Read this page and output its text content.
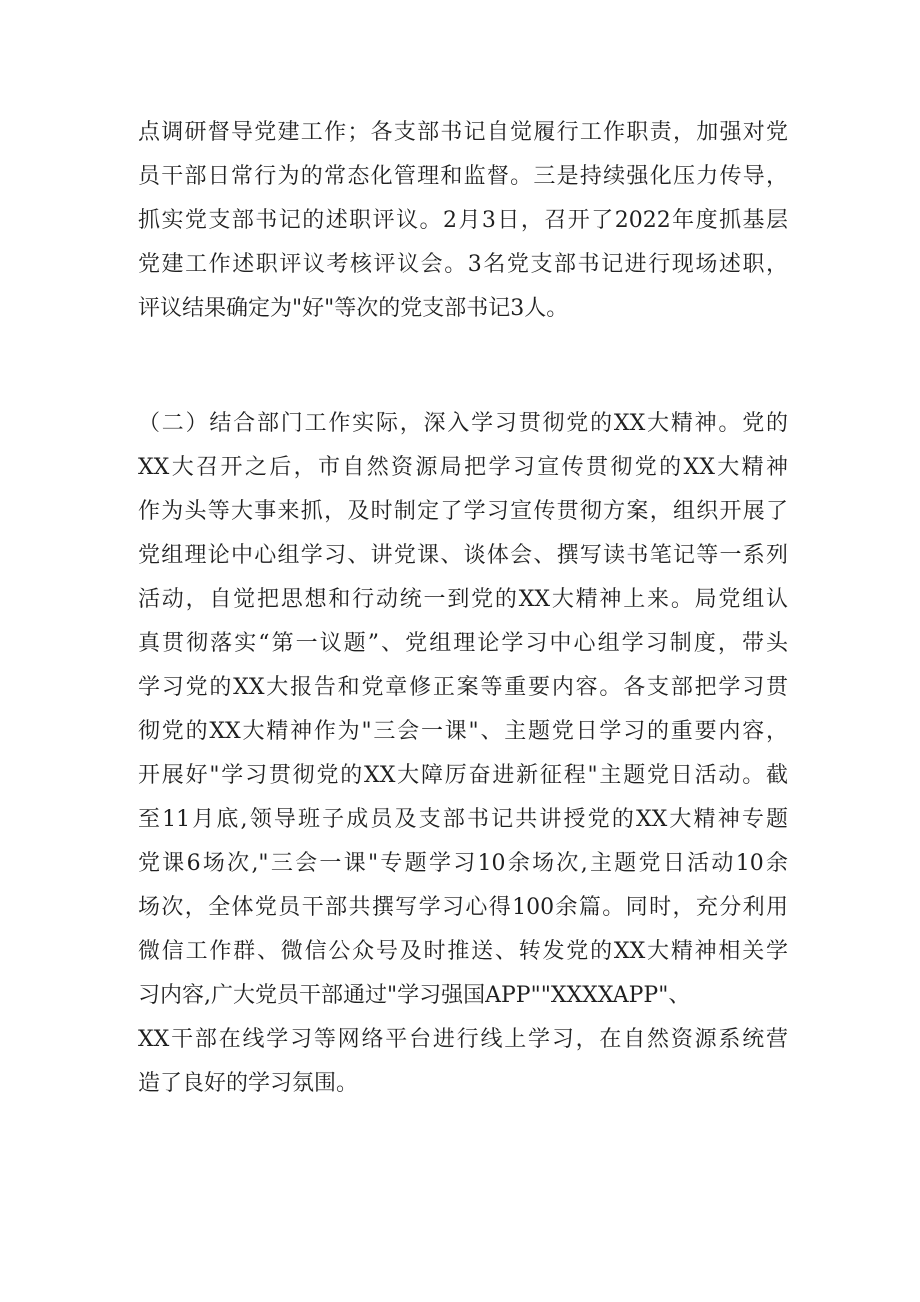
点调研督导党建工作；各支部书记自觉履行工作职责，加强对党
员干部日常行为的常态化管理和监督。三是持续强化压力传导，
抓实党支部书记的述职评议。2月3日，召开了2022年度抓基层
党建工作述职评议考核评议会。3名党支部书记进行现场述职，
评议结果确定为"好"等次的党支部书记3人。
（二）结合部门工作实际，深入学习贯彻党的XX大精神。党的
XX大召开之后，市自然资源局把学习宣传贯彻党的XX大精神
作为头等大事来抓，及时制定了学习宣传贯彻方案，组织开展了
党组理论中心组学习、讲党课、谈体会、撰写读书笔记等一系列
活动，自觉把思想和行动统一到党的XX大精神上来。局党组认
真贯彻落实“第一议题”、党组理论学习中心组学习制度，带头
学习党的XX大报告和党章修正案等重要内容。各支部把学习贯
彻党的XX大精神作为"三会一课"、主题党日学习的重要内容，
开展好"学习贯彻党的XX大障厉奋进新征程"主题党日活动。截
至11月底,领导班子成员及支部书记共讲授党的XX大精神专题
党课6场次,"三会一课"专题学习10余场次,主题党日活动10余
场次，全体党员干部共撰写学习心得100余篇。同时，充分利用
微信工作群、微信公众号及时推送、转发党的XX大精神相关学
习内容,广大党员干部通过"学习强国APP""XXXXAPP"、
XX干部在线学习等网络平台进行线上学习，在自然资源系统营
造了良好的学习氛围。
